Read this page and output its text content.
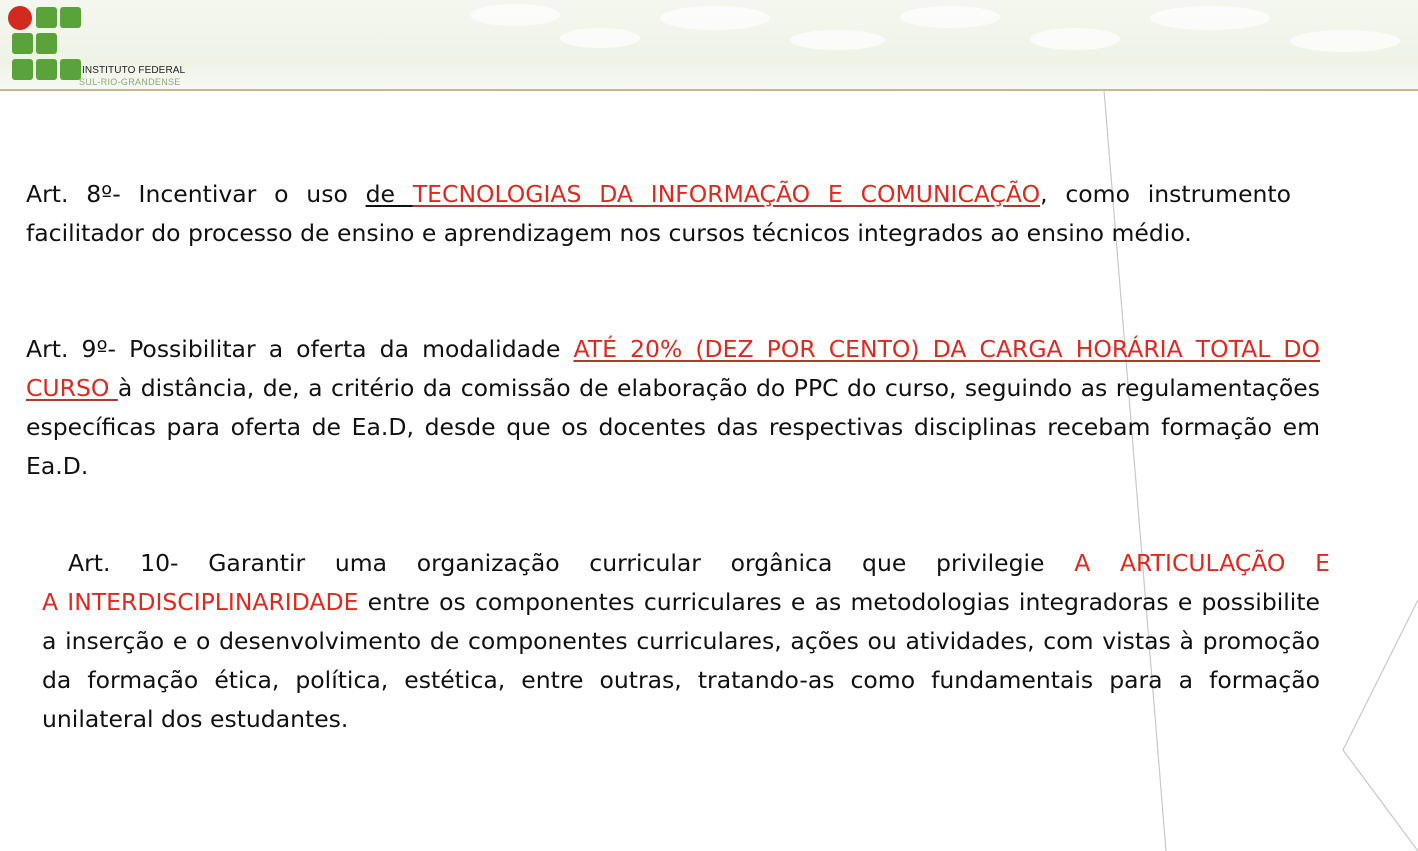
INSTITUTO FEDERAL
SUL-RIO-GRANDENSE
Art. 8º- Incentivar o uso de TECNOLOGIAS DA INFORMAÇÃO E COMUNICAÇÃO, como instrumento facilitador do processo de ensino e aprendizagem nos cursos técnicos integrados ao ensino médio.
Art. 9º- Possibilitar a oferta da modalidade ATÉ 20% (DEZ POR CENTO) DA CARGA HORÁRIA TOTAL DO CURSO à distância, de, a critério da comissão de elaboração do PPC do curso, seguindo as regulamentações específicas para oferta de Ea.D, desde que os docentes das respectivas disciplinas recebam formação em Ea.D.
Art. 10- Garantir uma organização curricular orgânica que privilegie A ARTICULAÇÃO E
A INTERDISCIPLINARIDADE entre os componentes curriculares e as metodologias integradoras e possibilite a inserção e o desenvolvimento de componentes curriculares, ações ou atividades, com vistas à promoção da formação ética, política, estética, entre outras, tratando-as como fundamentais para a formação unilateral dos estudantes.
